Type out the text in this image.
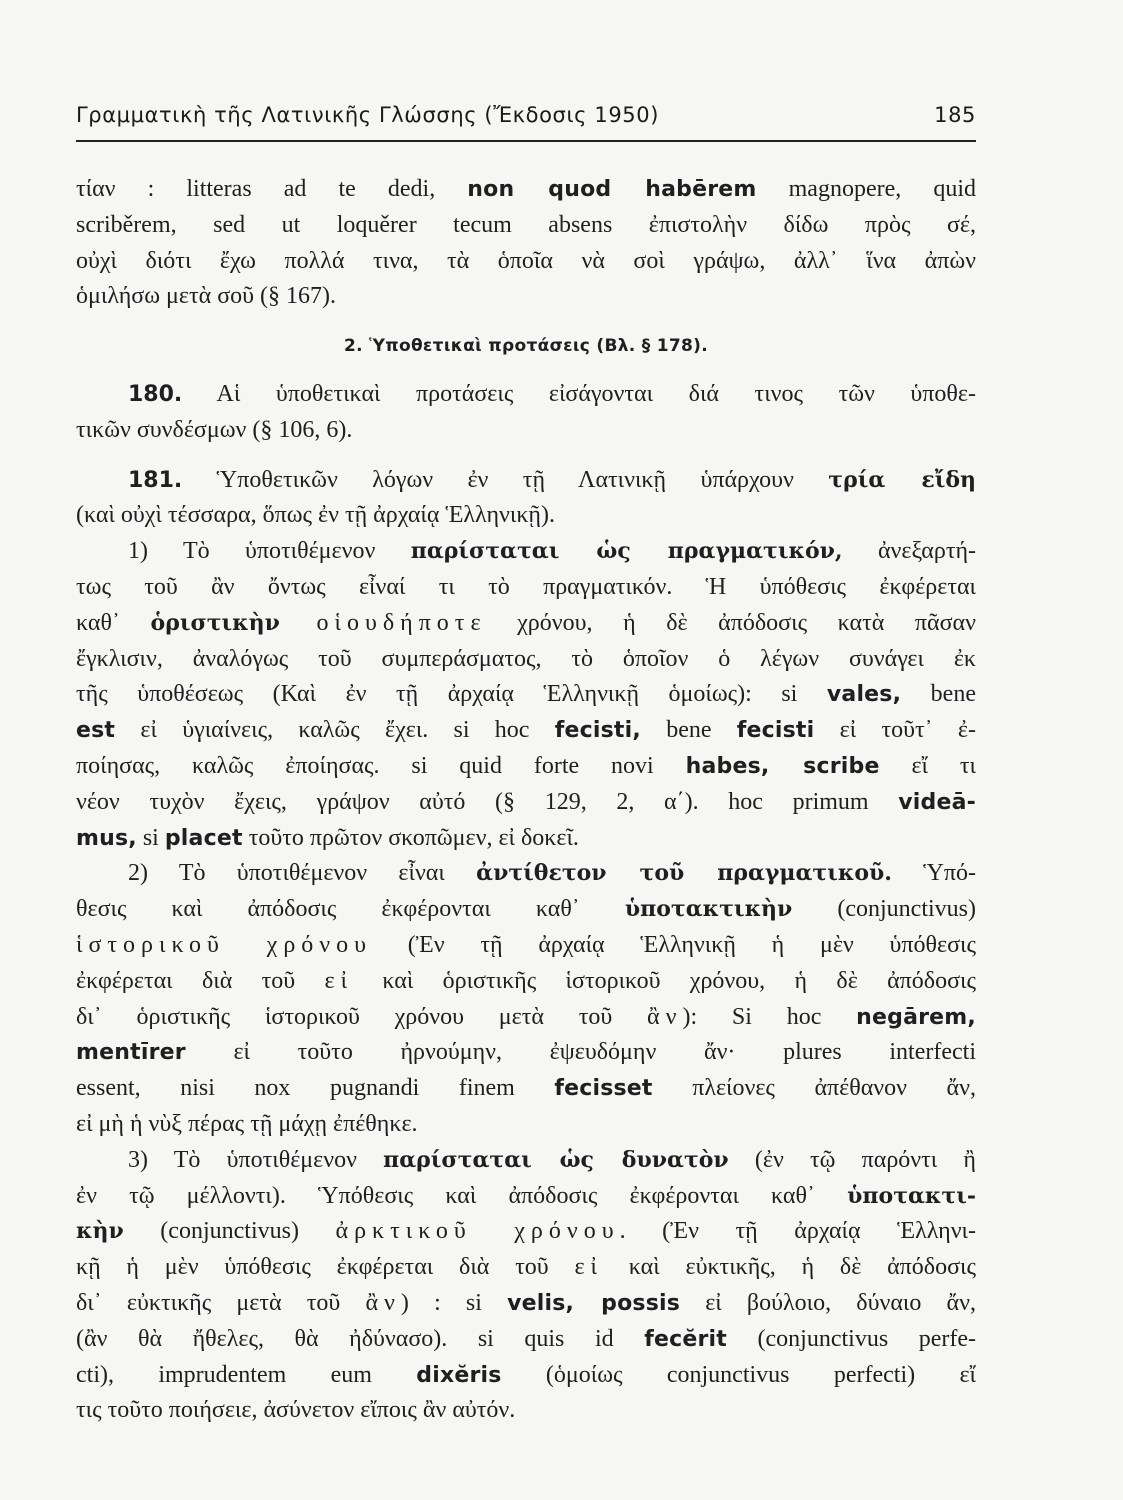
Γραμματικὴ τῆς Λατινικῆς Γλώσσης (Ἔκδοσις 1950)	185
τίαν : litteras ad te dedi, non quod habērem magnopere, quid
scriběrem, sed ut loquěrer tecum absens ἐπιστολὴν δίδω πρὸς σέ,
οὐχὶ διότι ἔχω πολλά τινα, τὰ ὁποῖα νὰ σοὶ γράψω, ἀλλ᾽ ἵνα ἀπὼν
ὁμιλήσω μετὰ σοῦ (§ 167).
2. Ὑποθετικαὶ προτάσεις (Βλ. § 178).
180. Αἱ ὑποθετικαὶ προτάσεις εἰσάγονται διά τινος τῶν ὑποθε-
τικῶν συνδέσμων (§ 106, 6).
181. Ὑποθετικῶν λόγων ἐν τῇ Λατινικῇ ὑπάρχουν τρία εἴδη
(καὶ οὐχὶ τέσσαρα, ὅπως ἐν τῇ ἀρχαίᾳ Ἑλληνικῇ).
1) Τὸ ὑποτιθέμενον παρίσταται ὡς πραγματικόν, ἀνεξαρτή-
τως τοῦ ἂν ὄντως εἶναί τι τὸ πραγματικόν. Ἡ ὑπόθεσις ἐκφέρεται
καθ᾽ ὁριστικὴν οἱουδήποτε χρόνου, ἡ δὲ ἀπόδοσις κατὰ πᾶσαν
ἔγκλισιν, ἀναλόγως τοῦ συμπεράσματος, τὸ ὁποῖον ὁ λέγων συνάγει ἐκ
τῆς ὑποθέσεως (Καὶ ἐν τῇ ἀρχαίᾳ Ἑλληνικῇ ὁμοίως): si vales, bene
est εἰ ὑγιαίνεις, καλῶς ἔχει. si hoc fecisti, bene fecisti εἰ τοῦτ᾽ ἐ-
ποίησας, καλῶς ἐποίησας. si quid forte novi habes, scribe εἴ τι
νέον τυχὸν ἔχεις, γράψον αὐτό (§ 129, 2, α΄). hoc primum videā-
mus, si placet τοῦτο πρῶτον σκοπῶμεν, εἰ δοκεῖ.
2) Τὸ ὑποτιθέμενον εἶναι ἀντίθετον τοῦ πραγματικοῦ. Ὑπό-
θεσις καὶ ἀπόδοσις ἐκφέρονται καθ᾽ ὑποτακτικὴν (conjunctivus)
ἱστορικοῦ χρόνου (Ἐν τῇ ἀρχαίᾳ Ἑλληνικῇ ἡ μὲν ὑπόθεσις
ἐκφέρεται διὰ τοῦ εἰ καὶ ὁριστικῆς ἱστορικοῦ χρόνου, ἡ δὲ ἀπόδοσις
δι᾽ ὁριστικῆς ἱστορικοῦ χρόνου μετὰ τοῦ ἂν): Si hoc negārem,
mentīrer εἰ τοῦτο ἠρνούμην, ἐψευδόμην ἄν· plures interfecti
essent, nisi nox pugnandi finem fecisset πλείονες ἀπέθανον ἄν,
εἰ μὴ ἡ νὺξ πέρας τῇ μάχῃ ἐπέθηκε.
3) Τὸ ὑποτιθέμενον παρίσταται ὡς δυνατὸν (ἐν τῷ παρόντι ἢ
ἐν τῷ μέλλοντι). Ὑπόθεσις καὶ ἀπόδοσις ἐκφέρονται καθ᾽ ὑποτακτι-
κὴν (conjunctivus) ἀρκτικοῦ χρόνου. (Ἐν τῇ ἀρχαίᾳ Ἑλληνι-
κῇ ἡ μὲν ὑπόθεσις ἐκφέρεται διὰ τοῦ εἰ καὶ εὐκτικῆς, ἡ δὲ ἀπόδοσις
δι᾽ εὐκτικῆς μετὰ τοῦ ἂν) : si velis, possis εἰ βούλοιο, δύναιο ἄν,
(ἂν θὰ ἤθελες, θὰ ἠδύνασο). si quis id fecĕrit (conjunctivus perfe-
cti), imprudentem eum dixĕris (ὁμοίως conjunctivus perfecti) εἴ
τις τοῦτο ποιήσειε, ἀσύνετον εἴποις ἂν αὐτόν.
